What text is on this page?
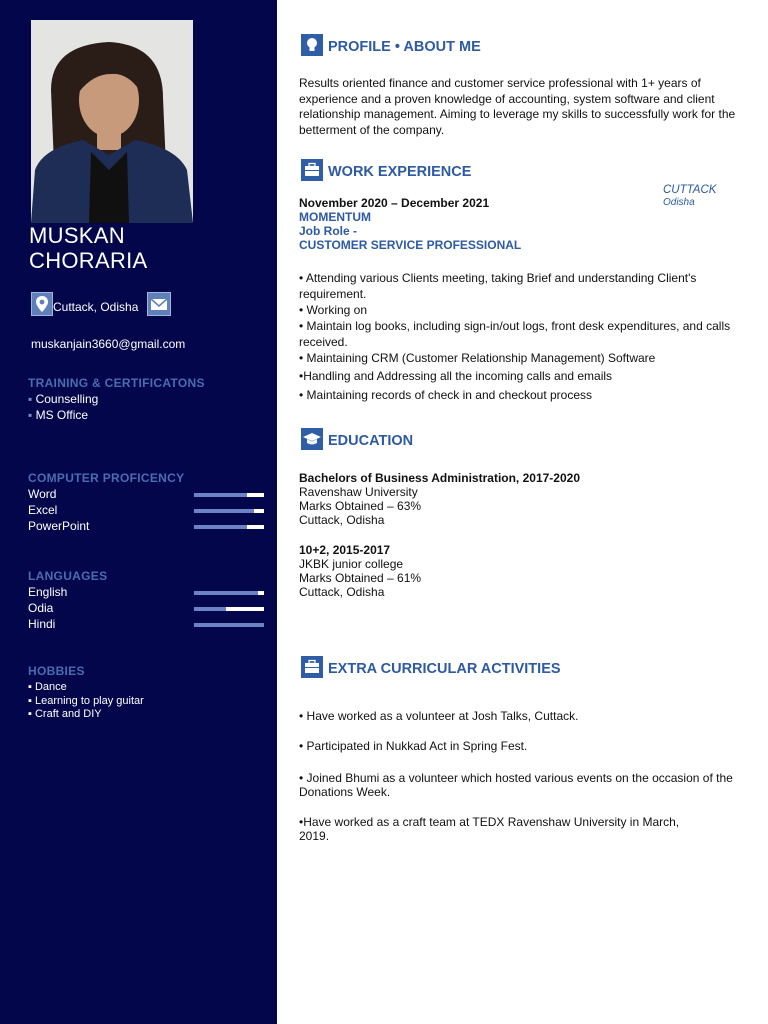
MUSKAN
CHORARIA
Cuttack, Odisha
muskanjain3660@gmail.com
TRAINING & CERTIFICATONS
▪ Counselling
▪ MS Office
COMPUTER PROFICENCY
Word
Excel
PowerPoint
LANGUAGES
English
Odia
Hindi
HOBBIES
▪ Dance
▪ Learning to play guitar
▪ Craft and DIY
PROFILE • ABOUT ME
Results oriented finance and customer service professional with 1+ years of experience and a proven knowledge of accounting, system software and client relationship management. Aiming to leverage my skills to successfully work for the betterment of the company.
WORK EXPERIENCE
CUTTACK
Odisha
November 2020 – December 2021
MOMENTUM
Job Role -
CUSTOMER SERVICE PROFESSIONAL
• Attending various Clients meeting, taking Brief and understanding Client's requirement.
• Working on
• Maintain log books, including sign-in/out logs, front desk expenditures, and calls received.
• Maintaining CRM (Customer Relationship Management) Software
•Handling and Addressing all the incoming calls and emails
• Maintaining records of check in and checkout process
EDUCATION
Bachelors of Business Administration, 2017-2020
Ravenshaw University
Marks Obtained – 63%
Cuttack, Odisha
10+2, 2015-2017
JKBK junior college
Marks Obtained – 61%
Cuttack, Odisha
EXTRA CURRICULAR ACTIVITIES
• Have worked as a volunteer at Josh Talks, Cuttack.
• Participated in Nukkad Act in Spring Fest.
• Joined Bhumi as a volunteer which hosted various events on the occasion of the Donations Week.
•Have worked as a craft team at TEDX Ravenshaw University in March, 2019.
